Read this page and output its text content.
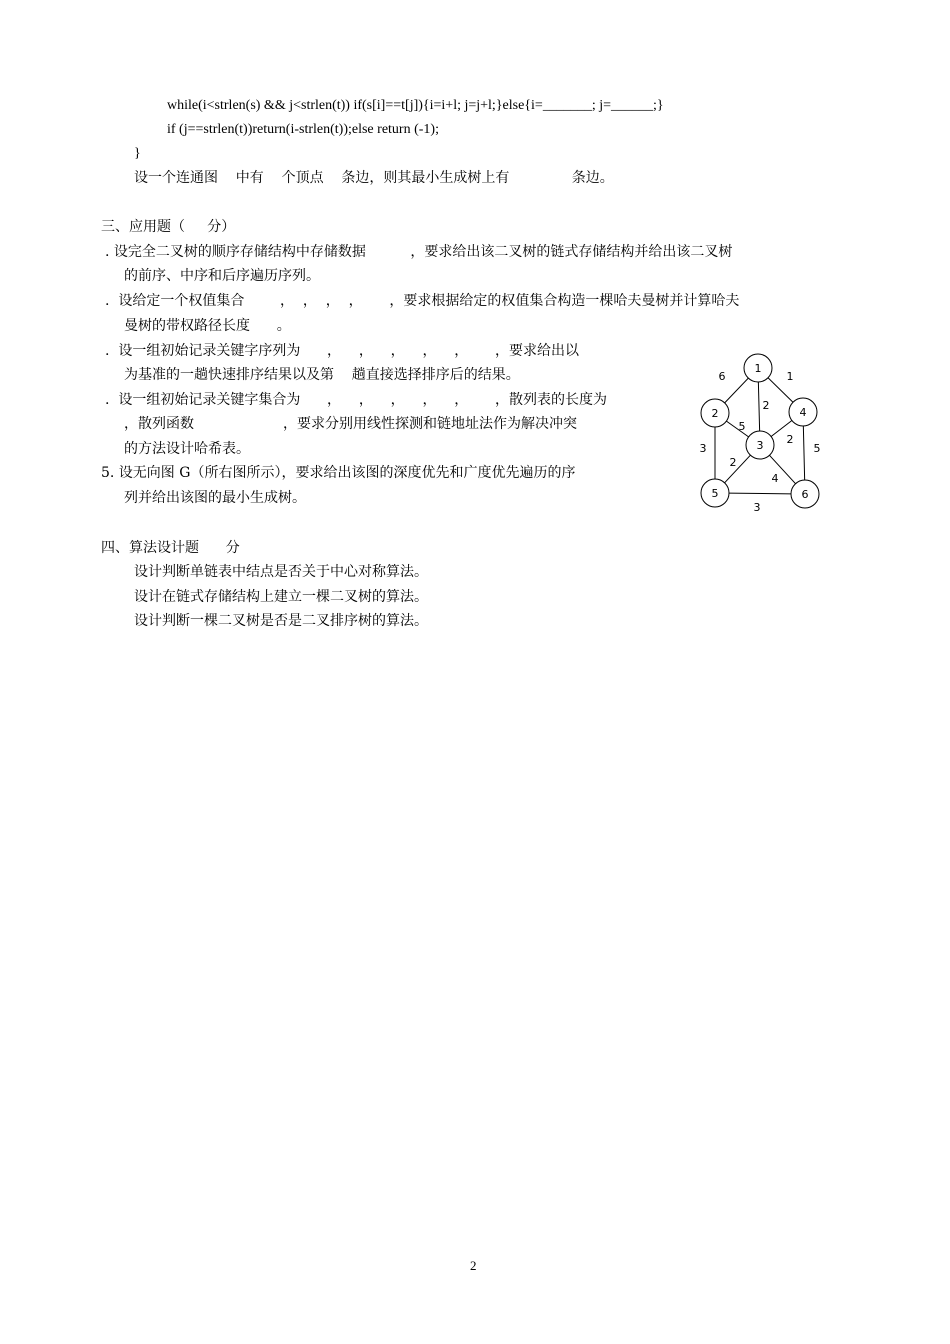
while(i<strlen(s) && j<strlen(t)) if(s[i]==t[j]){i=i+l; j=j+l;}else{i=_______; j=______;}
if (j==strlen(t))return(i-strlen(t));else return (-1);
}
设一个连通图    中有    个顶点    条边，则其最小生成树上有              条边。
三、应用题（     分）
. 设完全二叉树的顺序存储结构中存储数据          ，要求给出该二叉树的链式存储结构并给出该二叉树
的前序、中序和后序遍历序列。
.  设给定一个权值集合        ，  ，  ，  ，      ，要求根据给定的权值集合构造一棵哈夫曼树并计算哈夫
曼树的带权路径长度      。
.  设一组初始记录关键字序列为      ，    ，    ，    ，    ，      ，要求给出以
为基准的一趟快速排序结果以及第    趟直接选择排序后的结果。
.  设一组初始记录关键字集合为      ，    ，    ，    ，    ，      ，散列表的长度为
，散列函数                    ，要求分别用线性探测和链地址法作为解决冲突
的方法设计哈希表。
5. 设无向图 G（所右图所示），要求给出该图的深度优先和广度优先遍历的序
列并给出该图的最小生成树。
四、算法设计题      分
设计判断单链表中结点是否关于中心对称算法。
设计在链式存储结构上建立一棵二叉树的算法。
设计判断一棵二叉树是否是二叉排序树的算法。
6	1
2
5
2
3
2
4
5
3
1
2
3
4
5	6
2
